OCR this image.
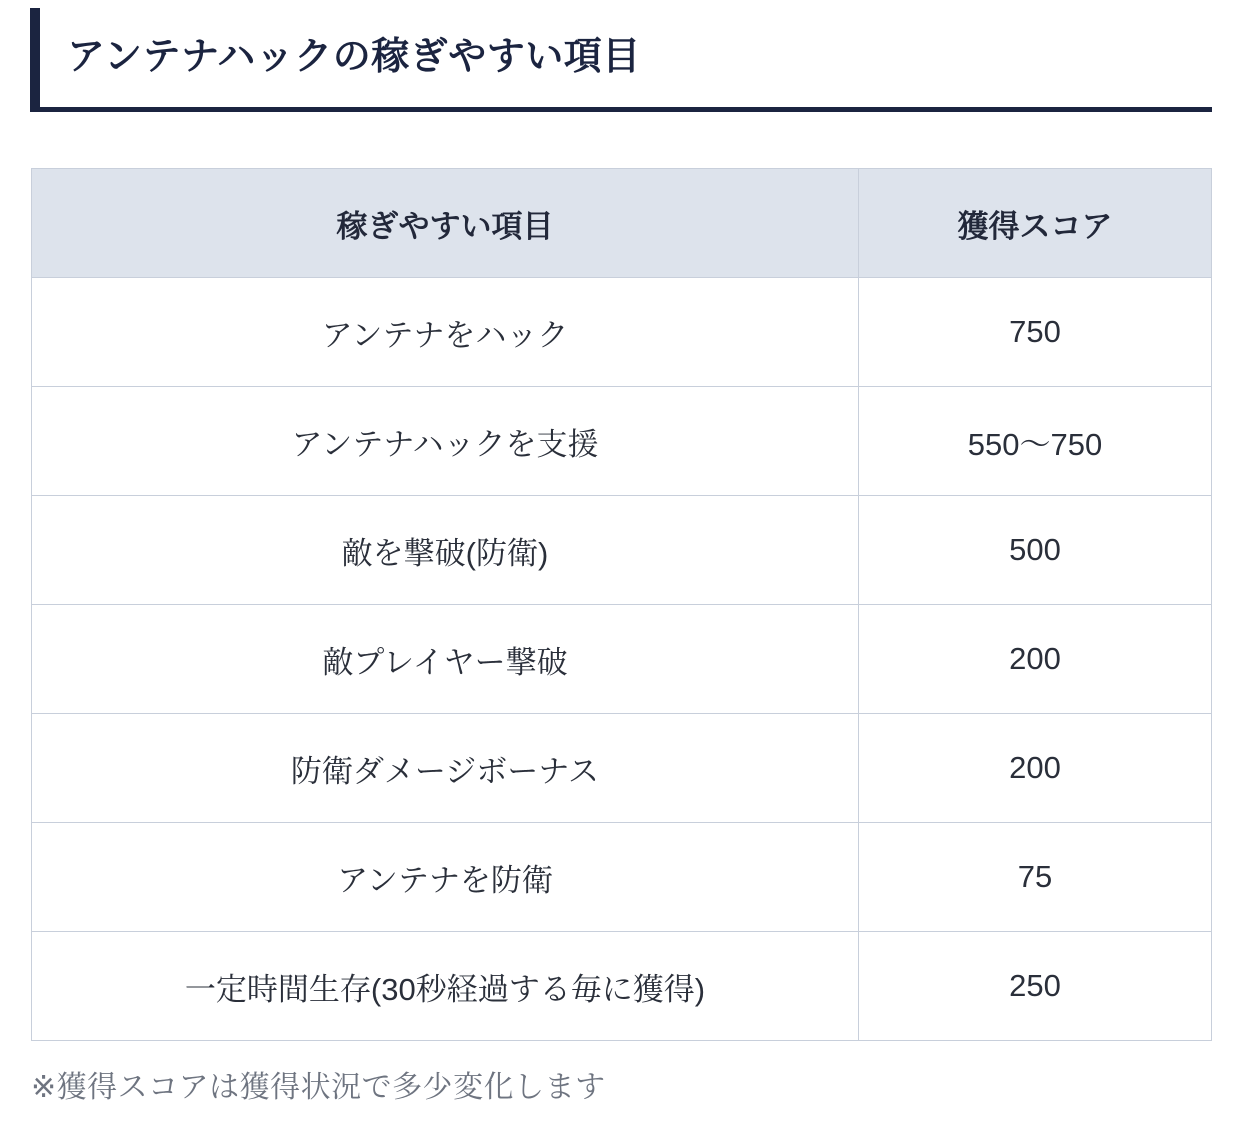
アンテナハックの稼ぎやすい項目
稼ぎやすい項目	獲得スコア
アンテナをハック	750
アンテナハックを支援	550〜750
敵を撃破(防衛)	500
敵プレイヤー撃破	200
防衛ダメージボーナス	200
アンテナを防衛	75
一定時間生存(30秒経過する毎に獲得)	250
※獲得スコアは獲得状況で多少変化します
